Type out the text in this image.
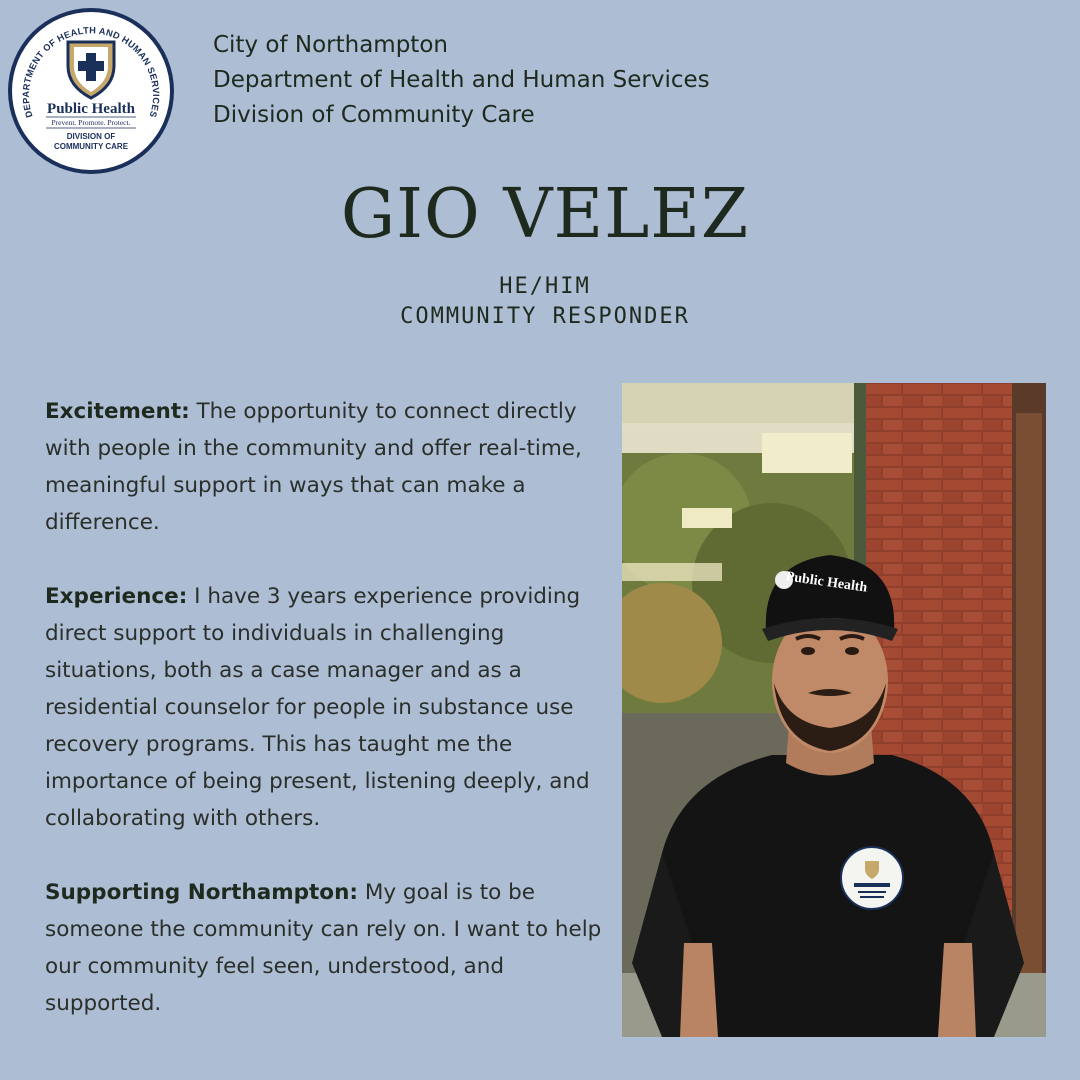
DEPARTMENT OF HEALTH AND HUMAN SERVICES
Public Health
Prevent. Promote. Protect.
DIVISION OF
COMMUNITY CARE
City of Northampton
Department of Health and Human Services
Division of Community Care
GIO VELEZ
HE/HIM
COMMUNITY RESPONDER

Excitement: The opportunity to connect directly with people in the community and offer real-time, meaningful support in ways that can make a difference.

Experience: I have 3 years experience providing direct support to individuals in challenging situations, both as a case manager and as a residential counselor for people in substance use recovery programs. This has taught me the importance of being present, listening deeply, and collaborating with others.

Supporting Northampton: My goal is to be someone the community can rely on. I want to help our community feel seen, understood, and supported.

Public Health
